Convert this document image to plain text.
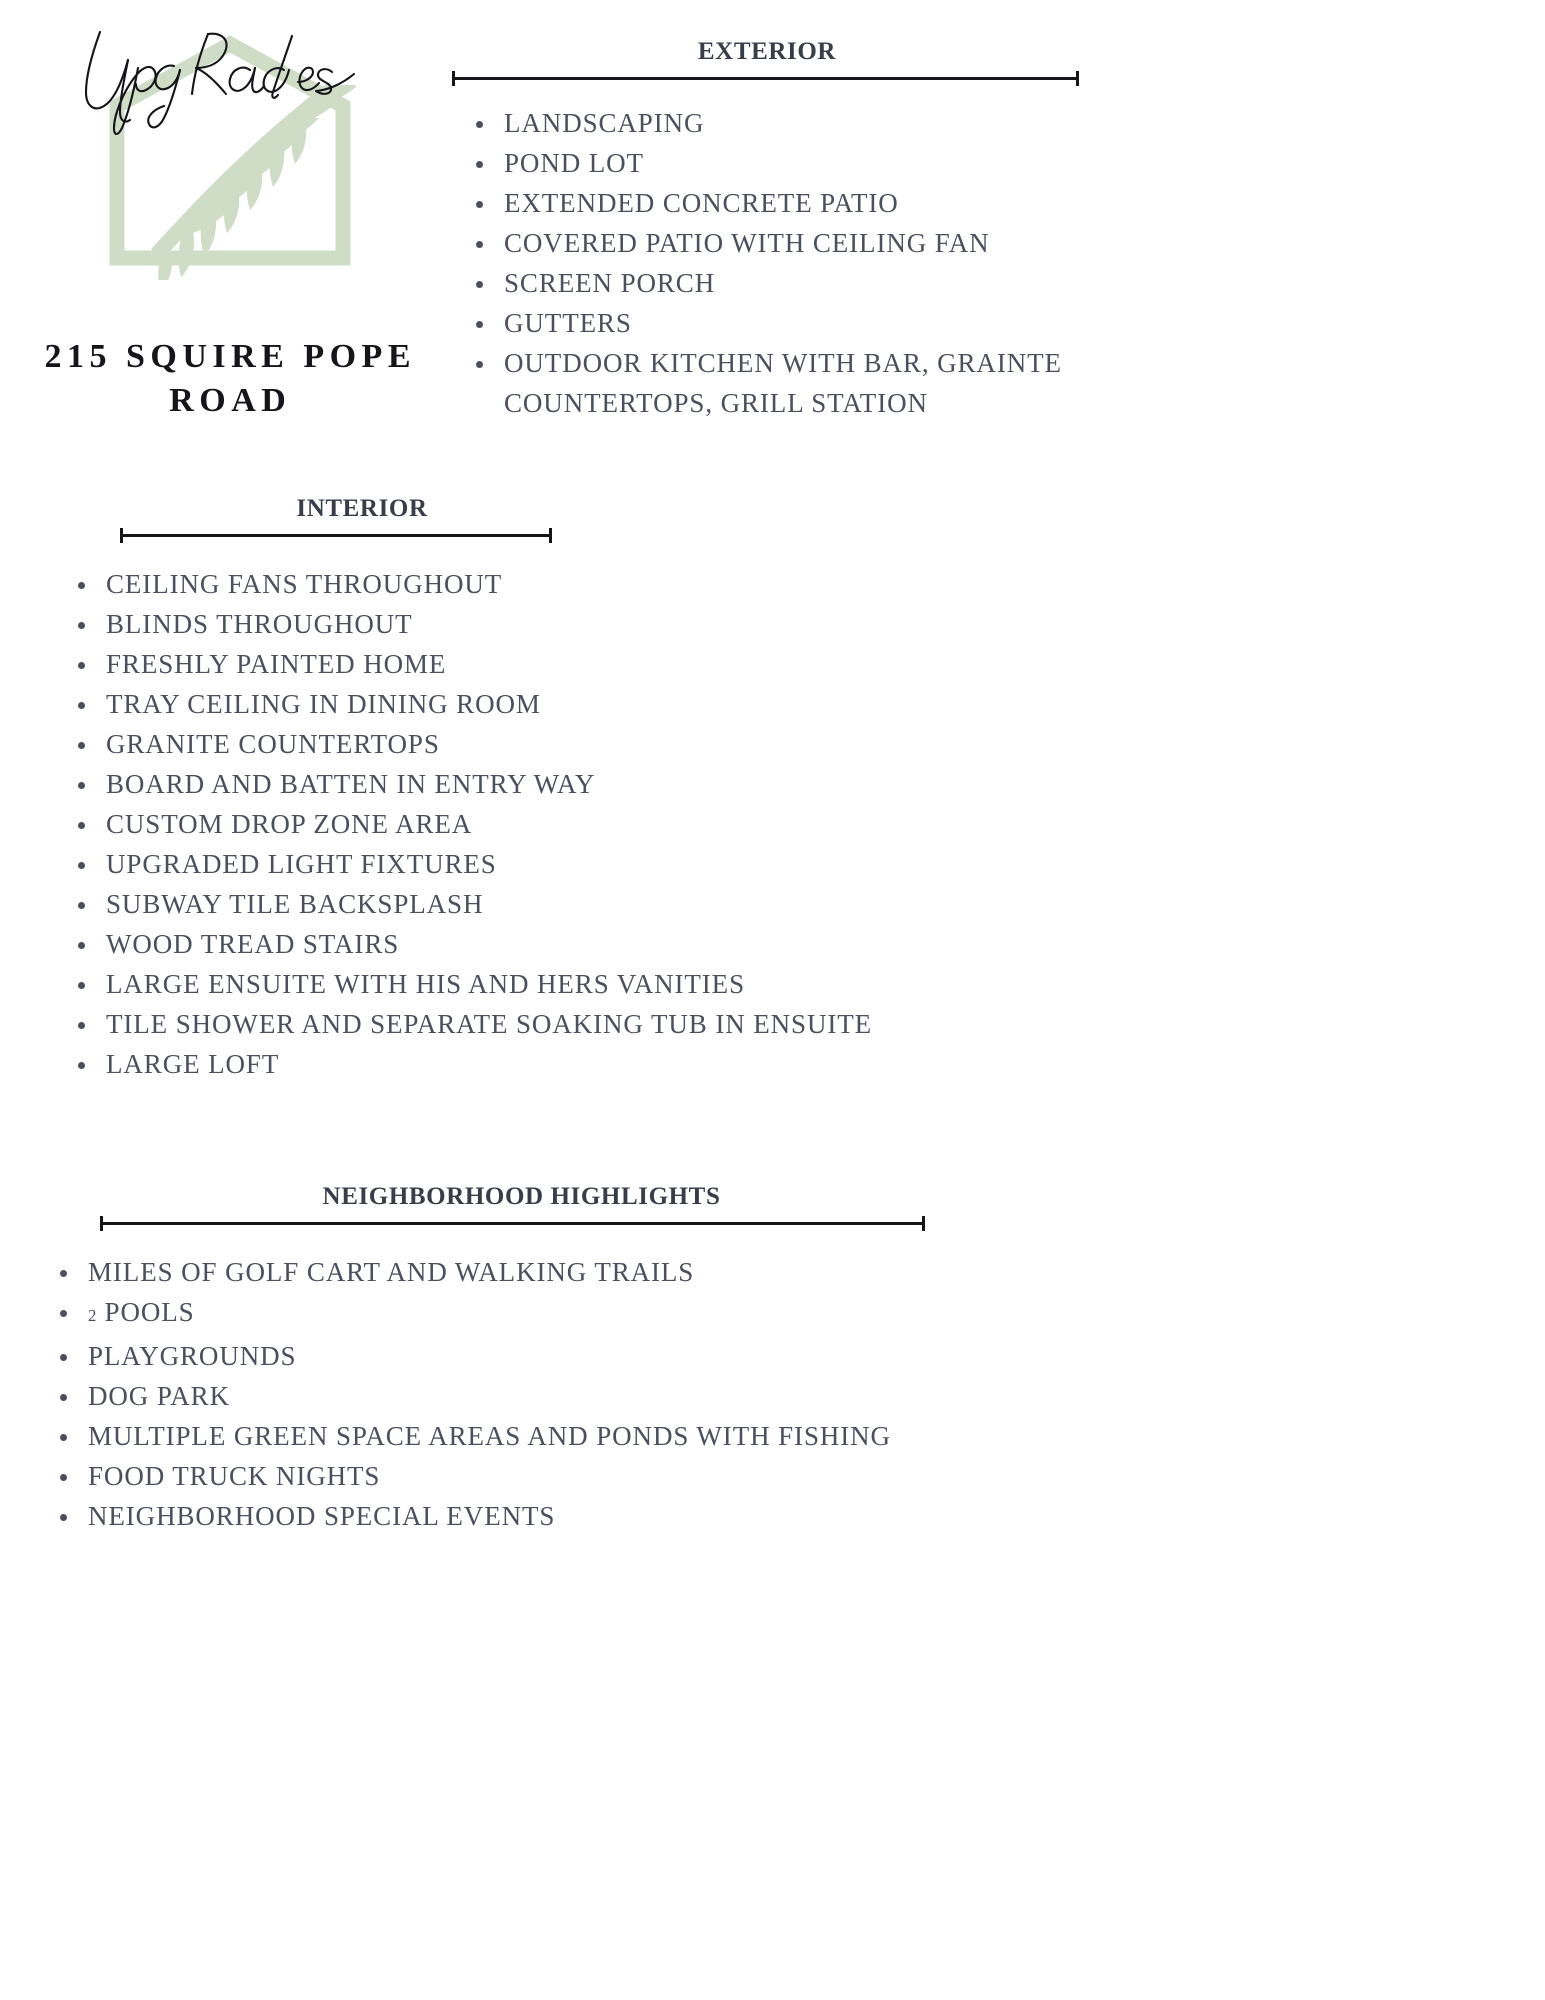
215 SQUIRE POPE
ROAD
EXTERIOR
LANDSCAPING
POND LOT
EXTENDED CONCRETE PATIO
COVERED PATIO WITH CEILING FAN
SCREEN PORCH
GUTTERS
OUTDOOR KITCHEN WITH BAR, GRAINTE COUNTERTOPS, GRILL STATION
INTERIOR
CEILING FANS THROUGHOUT
BLINDS THROUGHOUT
FRESHLY PAINTED HOME
TRAY CEILING IN DINING ROOM
GRANITE COUNTERTOPS
BOARD AND BATTEN IN ENTRY WAY
CUSTOM DROP ZONE AREA
UPGRADED LIGHT FIXTURES
SUBWAY TILE BACKSPLASH
WOOD TREAD STAIRS
LARGE ENSUITE WITH HIS AND HERS VANITIES
TILE SHOWER AND SEPARATE SOAKING TUB IN ENSUITE
LARGE LOFT
NEIGHBORHOOD HIGHLIGHTS
MILES OF GOLF CART AND WALKING TRAILS
2 POOLS
PLAYGROUNDS
DOG PARK
MULTIPLE GREEN SPACE AREAS AND PONDS WITH FISHING
FOOD TRUCK NIGHTS
NEIGHBORHOOD SPECIAL EVENTS
